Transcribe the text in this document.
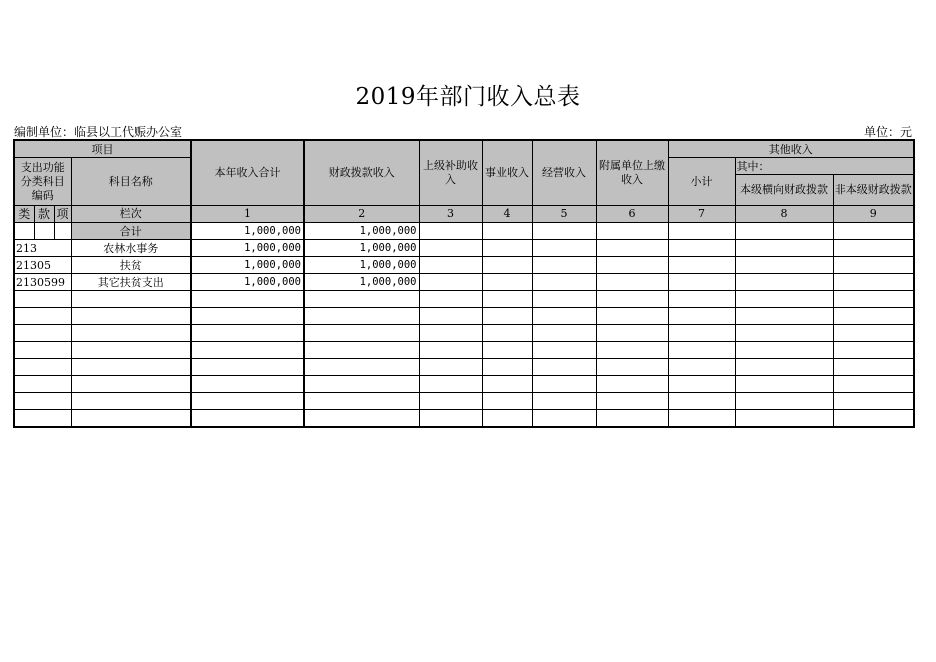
2019年部门收入总表
编制单位：临县以工代赈办公室	单位：元
项目				本年收入合计	财政拨款收入	上级补助收入	事业收入	经营收入	附属单位上缴收入	其他收入		
支出功能分类科目编码			科目名称							小计	其中：	
											本级横向财政拨款	非本级财政拨款
类	款	项										
			栏次	1	2	3	4	5	6	7	8	9
			合计	1,000,000	1,000,000							
213			农林水事务	1,000,000	1,000,000							
21305			扶贫	1,000,000	1,000,000							
2130599			其它扶贫支出	1,000,000	1,000,000							
